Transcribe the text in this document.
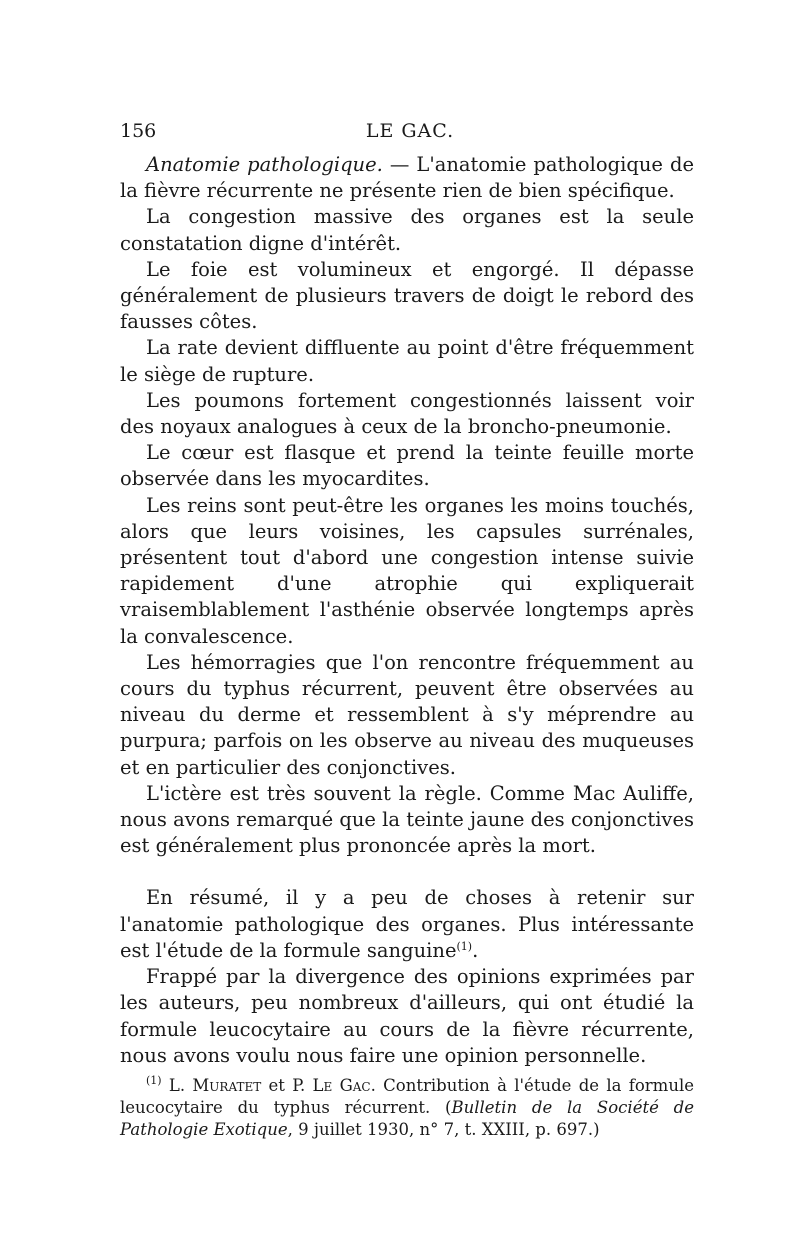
156	LE GAC.

Anatomie pathologique. — L'anatomie pathologique de la fièvre récurrente ne présente rien de bien spécifique.

La congestion massive des organes est la seule constatation digne d'intérêt.

Le foie est volumineux et engorgé. Il dépasse généralement de plusieurs travers de doigt le rebord des fausses côtes.

La rate devient diffluente au point d'être fréquemment le siège de rupture.

Les poumons fortement congestionnés laissent voir des noyaux analogues à ceux de la broncho-pneumonie.

Le cœur est flasque et prend la teinte feuille morte observée dans les myocardites.

Les reins sont peut-être les organes les moins touchés, alors que leurs voisines, les capsules surrénales, présentent tout d'abord une congestion intense suivie rapidement d'une atrophie qui expliquerait vraisemblablement l'asthénie observée longtemps après la convalescence.

Les hémorragies que l'on rencontre fréquemment au cours du typhus récurrent, peuvent être observées au niveau du derme et ressemblent à s'y méprendre au purpura; parfois on les observe au niveau des muqueuses et en particulier des conjonctives.

L'ictère est très souvent la règle. Comme Mac Auliffe, nous avons remarqué que la teinte jaune des conjonctives est généralement plus prononcée après la mort.

En résumé, il y a peu de choses à retenir sur l'anatomie pathologique des organes. Plus intéressante est l'étude de la formule sanguine$^{(1)}$.

Frappé par la divergence des opinions exprimées par les auteurs, peu nombreux d'ailleurs, qui ont étudié la formule leucocytaire au cours de la fièvre récurrente, nous avons voulu nous faire une opinion personnelle.

$^{(1)}$ L. Muratet et P. Le Gac. Contribution à l'étude de la formule leucocytaire du typhus récurrent. (Bulletin de la Société de Pathologie Exotique, 9 juillet 1930, n° 7, t. XXIII, p. 697.)
